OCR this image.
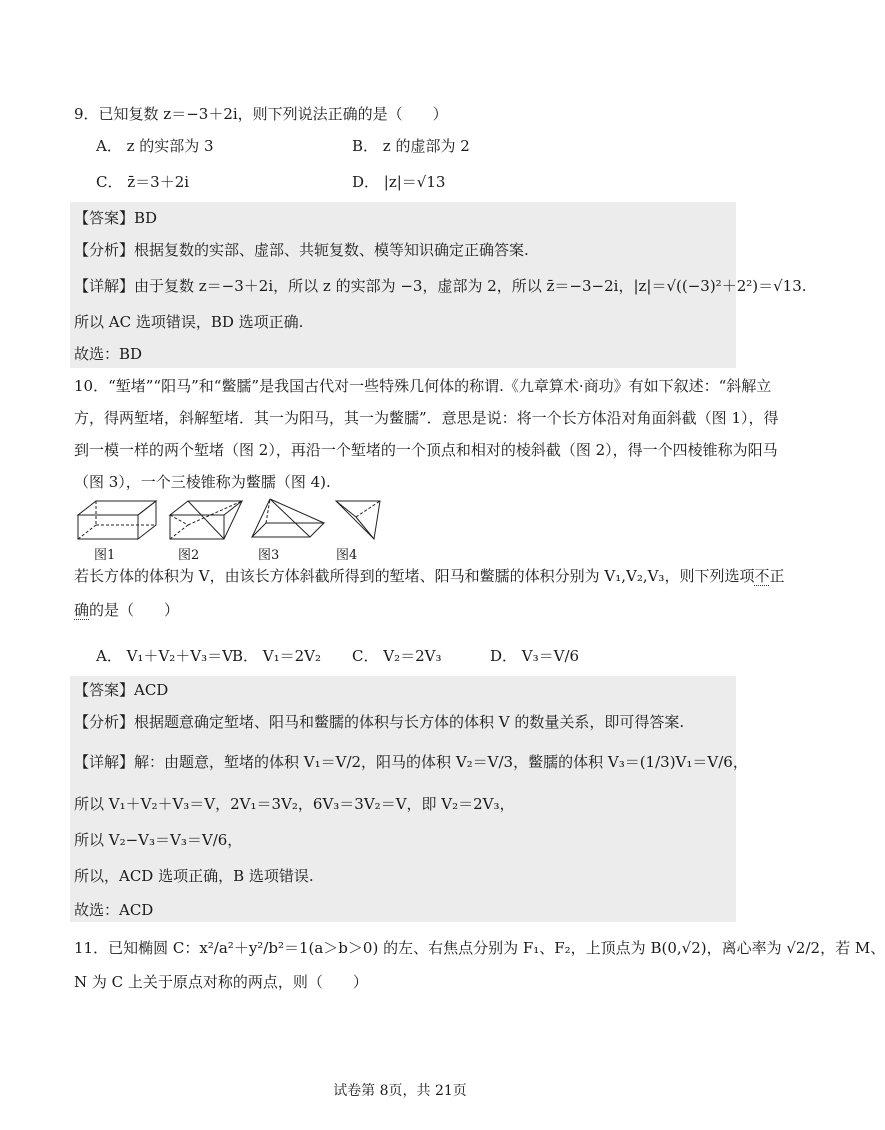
9．已知复数 z＝−3＋2i，则下列说法正确的是（　　）
A． z 的实部为 3	B． z 的虚部为 2
C． z̄＝3＋2i	D． |z|＝√13
【答案】BD
【分析】根据复数的实部、虚部、共轭复数、模等知识确定正确答案.
【详解】由于复数 z＝−3＋2i，所以 z 的实部为 −3，虚部为 2，所以 z̄＝−3−2i，|z|＝√((−3)²＋2²)＝√13.
所以 AC 选项错误，BD 选项正确.
故选：BD
10．“堑堵”“阳马”和“鳖臑”是我国古代对一些特殊几何体的称谓.《九章算术·商功》有如下叙述：“斜解立
方，得两堑堵，斜解堑堵．其一为阳马，其一为鳖臑”．意思是说：将一个长方体沿对角面斜截（图 1），得
到一模一样的两个堑堵（图 2），再沿一个堑堵的一个顶点和相对的棱斜截（图 2），得一个四棱锥称为阳马
（图 3），一个三棱锥称为鳖臑（图 4).
图1	图2	图3	图4
若长方体的体积为 V，由该长方体斜截所得到的堑堵、阳马和鳖臑的体积分别为 V₁,V₂,V₃，则下列选项不正
确的是（　　）
A． V₁＋V₂＋V₃＝V B． V₁＝2V₂ C． V₂＝2V₃	D． V₃＝V/6
【答案】ACD
【分析】根据题意确定堑堵、阳马和鳖臑的体积与长方体的体积 V 的数量关系，即可得答案.
【详解】解：由题意，堑堵的体积 V₁＝V/2，阳马的体积 V₂＝V/3，鳖臑的体积 V₃＝(1/3)V₁＝V/6，
所以 V₁＋V₂＋V₃＝V，2V₁＝3V₂，6V₃＝3V₂＝V，即 V₂＝2V₃，
所以 V₂−V₃＝V₃＝V/6，
所以，ACD 选项正确，B 选项错误.
故选：ACD
11．已知椭圆 C：x²/a²＋y²/b²＝1(a＞b＞0) 的左、右焦点分别为 F₁、F₂，上顶点为 B(0,√2)，离心率为 √2/2，若 M、
N 为 C 上关于原点对称的两点，则（　　）
试卷第 8页，共 21页
